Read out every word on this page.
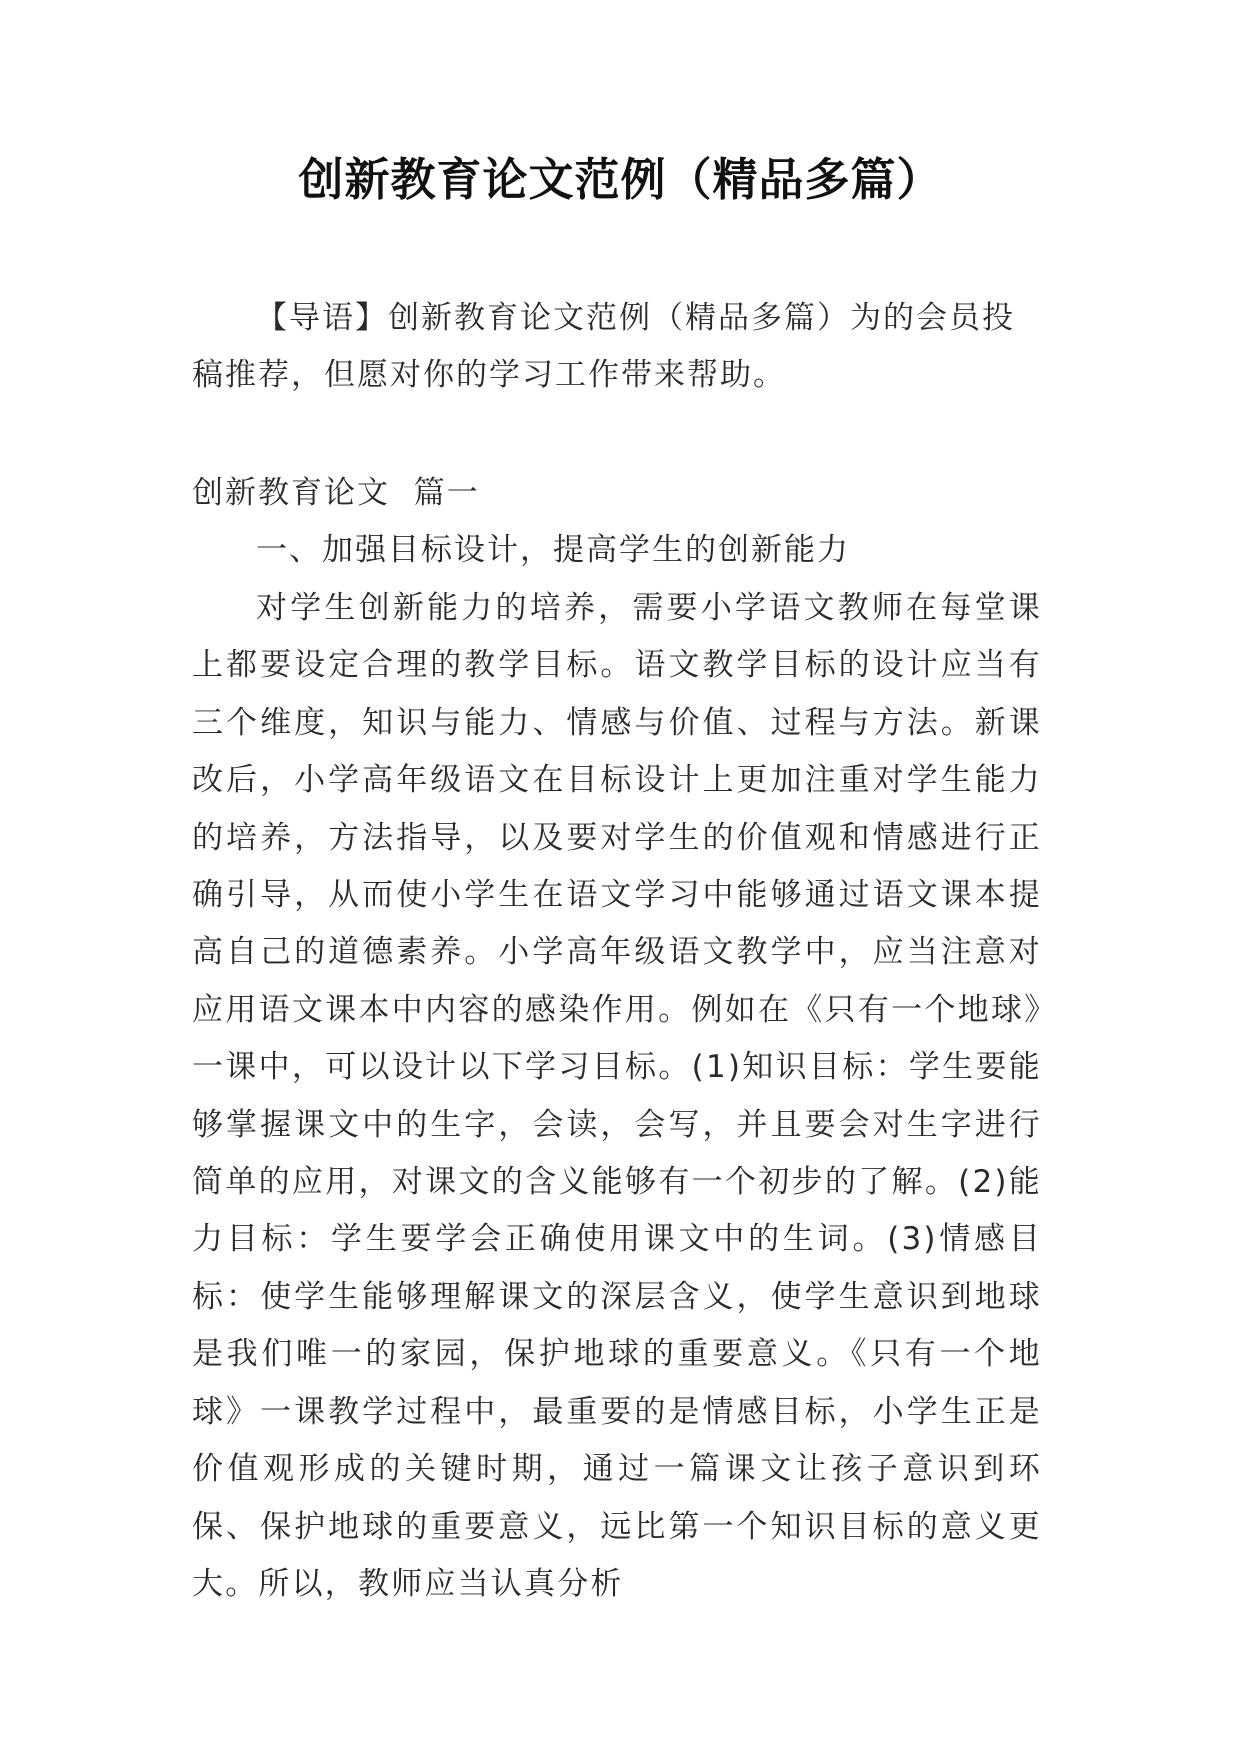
创新教育论文范例（精品多篇）

【导语】创新教育论文范例（精品多篇）为的会员投稿推荐，但愿对你的学习工作带来帮助。

创新教育论文  篇一

一、加强目标设计，提高学生的创新能力

对学生创新能力的培养，需要小学语文教师在每堂课上都要设定合理的教学目标。语文教学目标的设计应当有三个维度，知识与能力、情感与价值、过程与方法。新课改后，小学高年级语文在目标设计上更加注重对学生能力的培养，方法指导，以及要对学生的价值观和情感进行正确引导，从而使小学生在语文学习中能够通过语文课本提高自己的道德素养。小学高年级语文教学中，应当注意对应用语文课本中内容的感染作用。例如在《只有一个地球》一课中，可以设计以下学习目标。(1)知识目标：学生要能够掌握课文中的生字，会读，会写，并且要会对生字进行简单的应用，对课文的含义能够有一个初步的了解。(2)能力目标：学生要学会正确使用课文中的生词。(3)情感目标：使学生能够理解课文的深层含义，使学生意识到地球是我们唯一的家园，保护地球的重要意义。《只有一个地球》一课教学过程中，最重要的是情感目标，小学生正是价值观形成的关键时期，通过一篇课文让孩子意识到环保、保护地球的重要意义，远比第一个知识目标的意义更大。所以，教师应当认真分析
